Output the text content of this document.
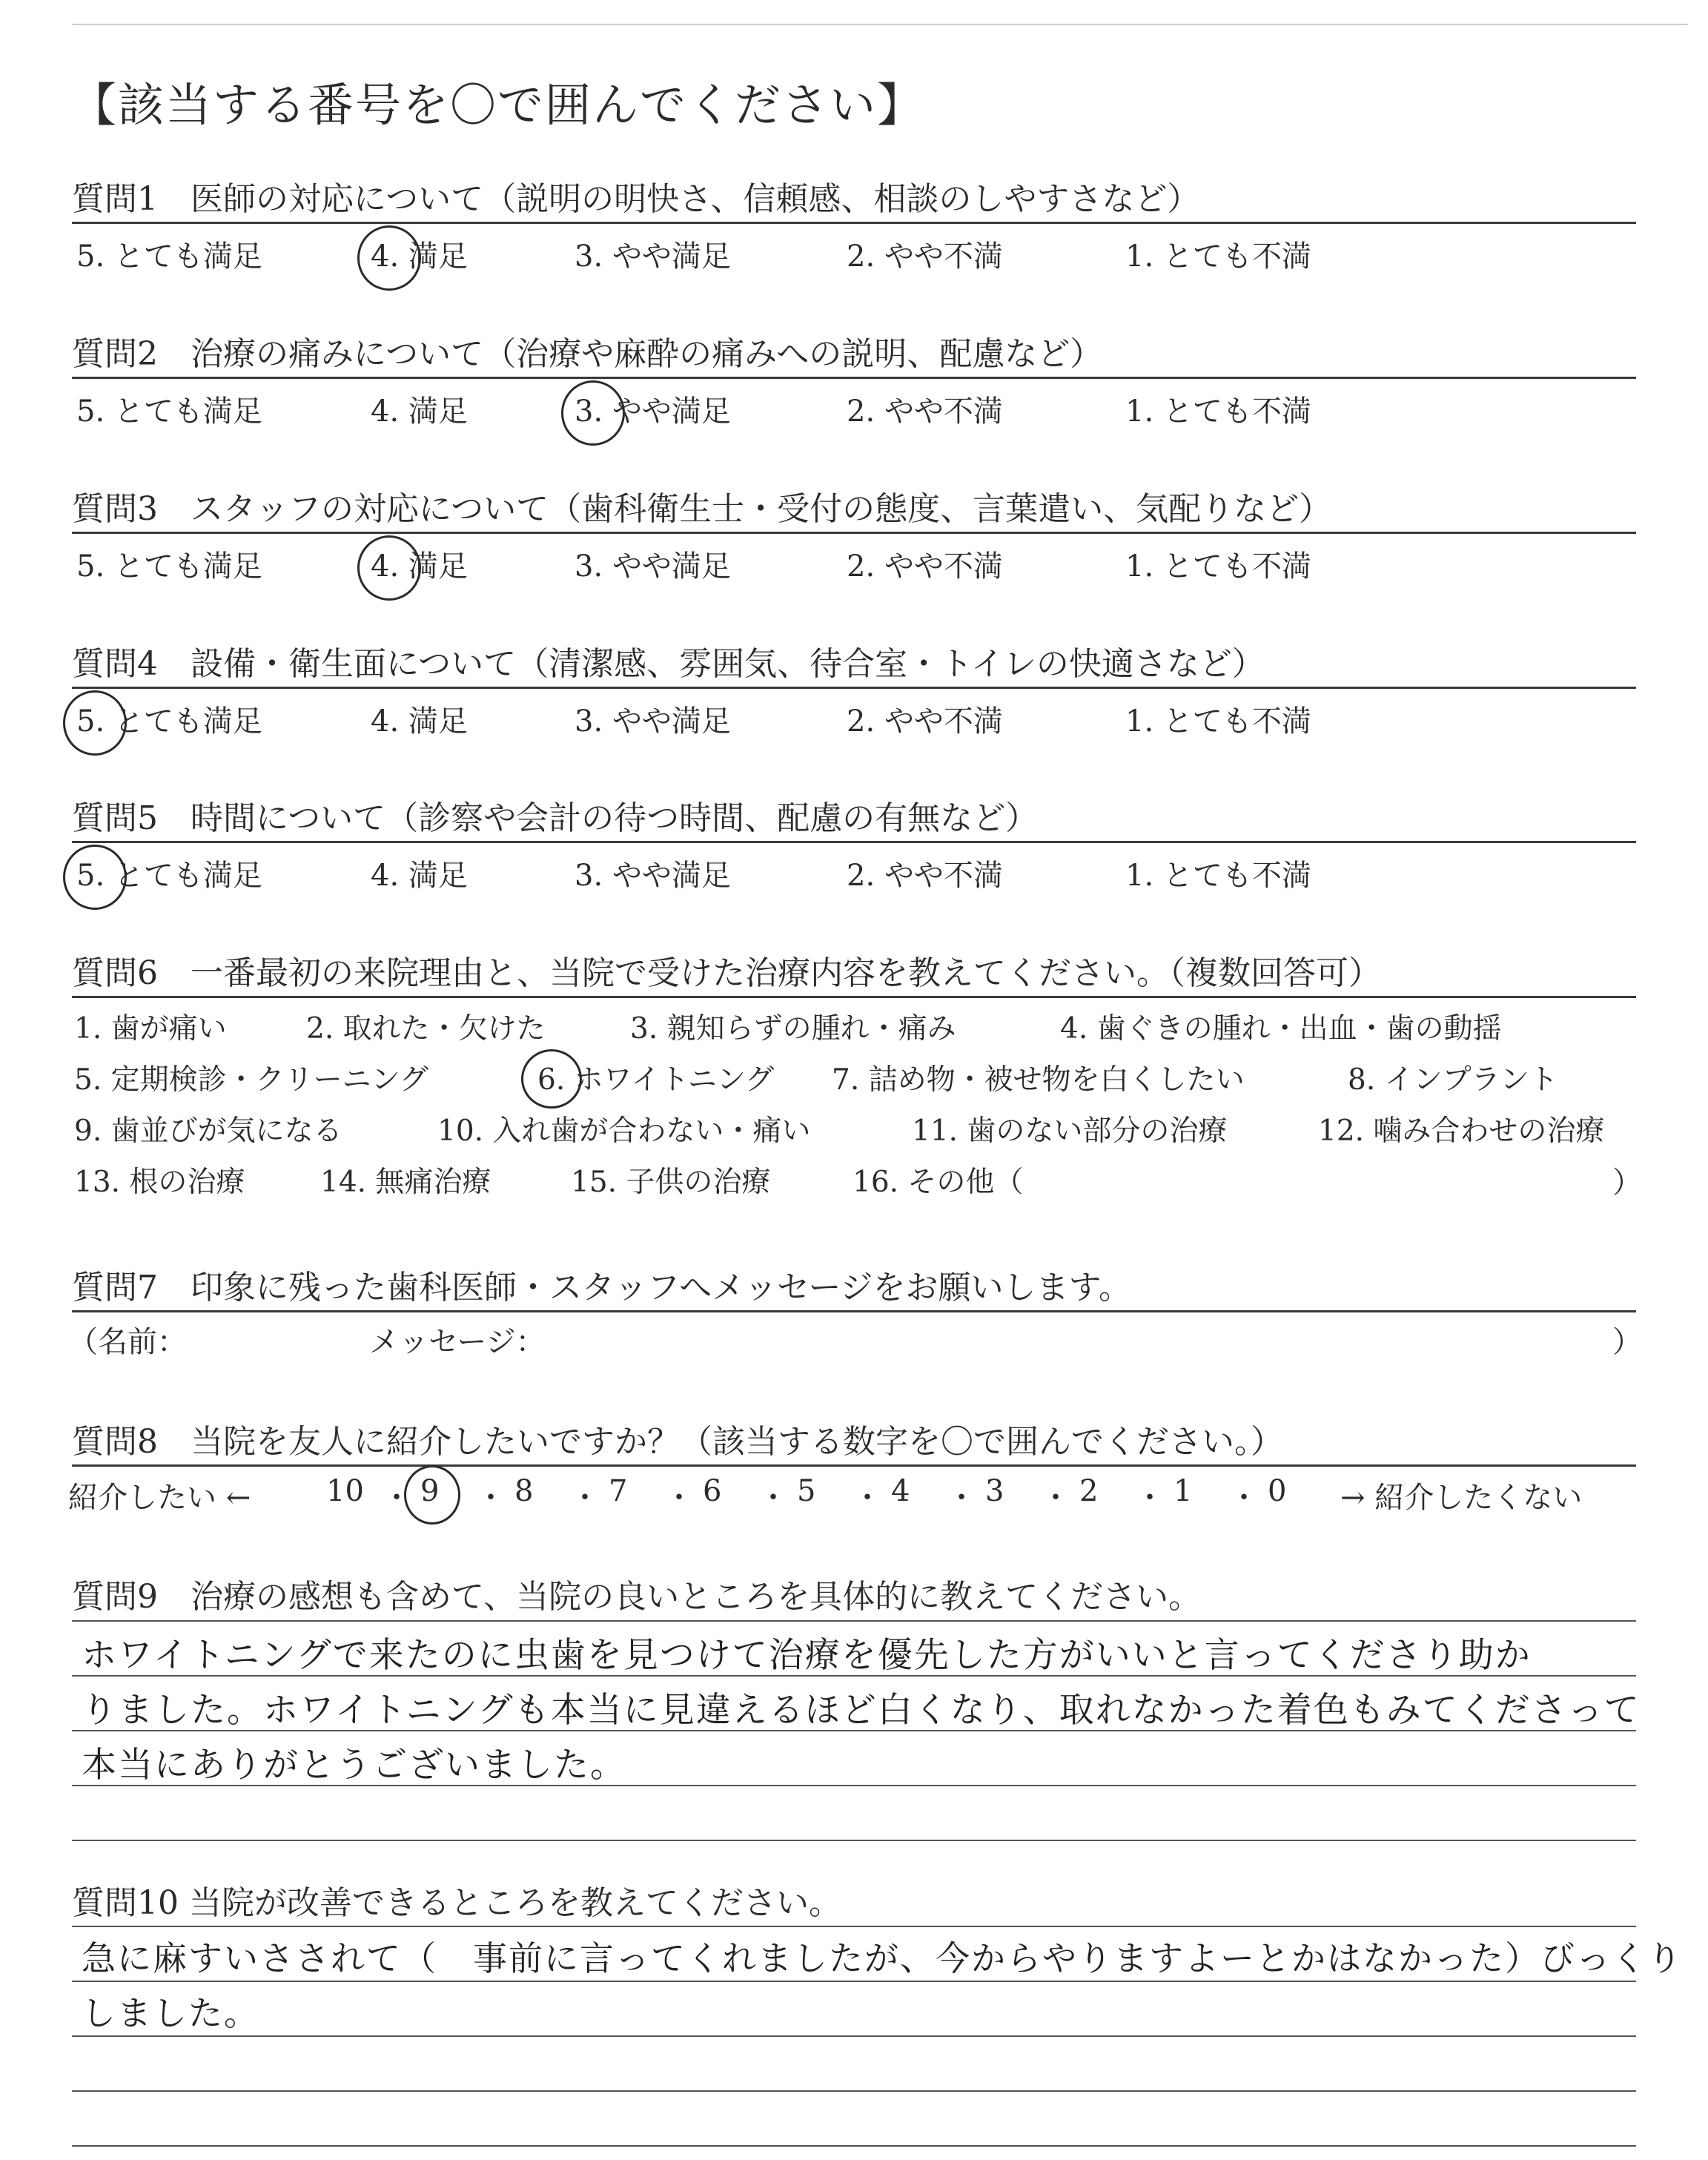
【該当する番号を〇で囲んでください】
質問1　医師の対応について（説明の明快さ、信頼感、相談のしやすさなど）
5. とても満足	4. 満足	3. やや満足	2. やや不満	1. とても不満
質問2　治療の痛みについて（治療や麻酔の痛みへの説明、配慮など）
5. とても満足	4. 満足	3. やや満足	2. やや不満	1. とても不満
質問3　スタッフの対応について（歯科衛生士・受付の態度、言葉遣い、気配りなど）
5. とても満足	4. 満足	3. やや満足	2. やや不満	1. とても不満
質問4　設備・衛生面について（清潔感、雰囲気、待合室・トイレの快適さなど）
5. とても満足	4. 満足	3. やや満足	2. やや不満	1. とても不満
質問5　時間について（診察や会計の待つ時間、配慮の有無など）
5. とても満足	4. 満足	3. やや満足	2. やや不満	1. とても不満
質問6　一番最初の来院理由と、当院で受けた治療内容を教えてください。（複数回答可）
1. 歯が痛い	2. 取れた・欠けた	3. 親知らずの腫れ・痛み	4. 歯ぐきの腫れ・出血・歯の動揺
5. 定期検診・クリーニング	6. ホワイトニング 7. 詰め物・被せ物を白くしたい	8. インプラント
9. 歯並びが気になる	10. 入れ歯が合わない・痛い	11. 歯のない部分の治療	12. 噛み合わせの治療
13. 根の治療	14. 無痛治療	15. 子供の治療	16. その他（	）
質問7　印象に残った歯科医師・スタッフへメッセージをお願いします。
（名前：	メッセージ：	）
質問8　当院を友人に紹介したいですか？（該当する数字を〇で囲んでください。）
紹介したい ←	10 ・ 9 ・ 8 ・ 7 ・ 6 ・ 5 ・ 4 ・ 3 ・ 2 ・ 1 ・ 0 → 紹介したくない
質問9　治療の感想も含めて、当院の良いところを具体的に教えてください。
ホワイトニングで来たのに虫歯を見つけて治療を優先した方がいいと言ってくださり助か
りました。ホワイトニングも本当に見違えるほど白くなり、取れなかった着色もみてくださって
本当にありがとうございました。
質問10 当院が改善できるところを教えてください。
急に麻すいさされて（　事前に言ってくれましたが、今からやりますよーとかはなかった）びっくり
しました。
